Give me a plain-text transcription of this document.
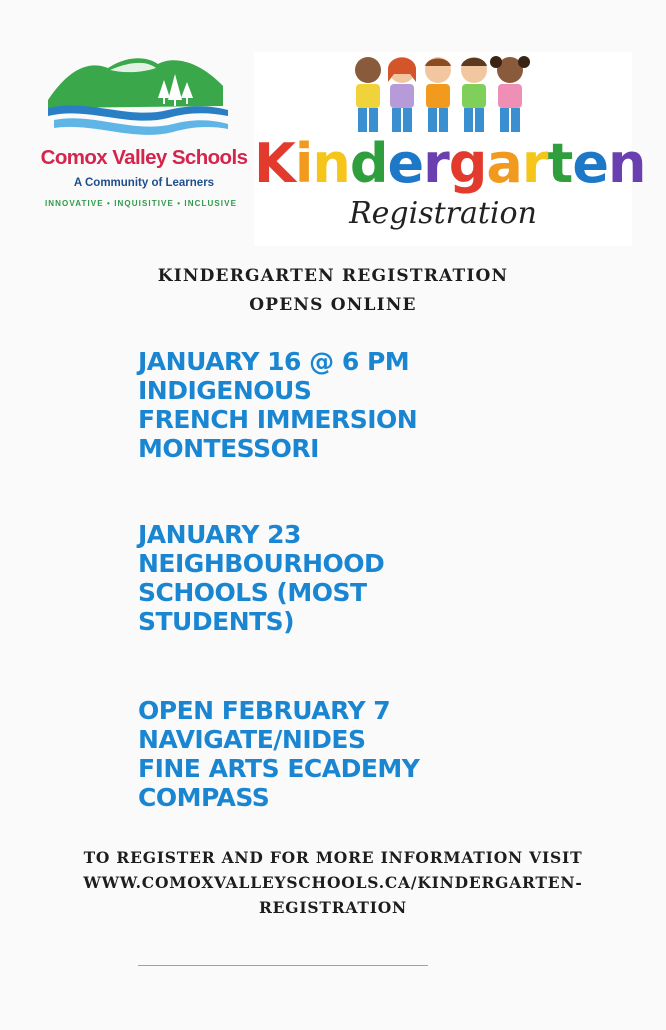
Comox Valley Schools
A Community of Learners
INNOVATIVE • INQUISITIVE • INCLUSIVE
Kindergarten
Registration
KINDERGARTEN REGISTRATION
OPENS ONLINE
JANUARY 16 @ 6 PM
INDIGENOUS
FRENCH IMMERSION
MONTESSORI
JANUARY 23
NEIGHBOURHOOD
SCHOOLS (MOST
STUDENTS)
OPEN FEBRUARY 7
NAVIGATE/NIDES
FINE ARTS ECADEMY
COMPASS
TO REGISTER AND FOR MORE INFORMATION VISIT
WWW.COMOXVALLEYSCHOOLS.CA/KINDERGARTEN-
REGISTRATION
